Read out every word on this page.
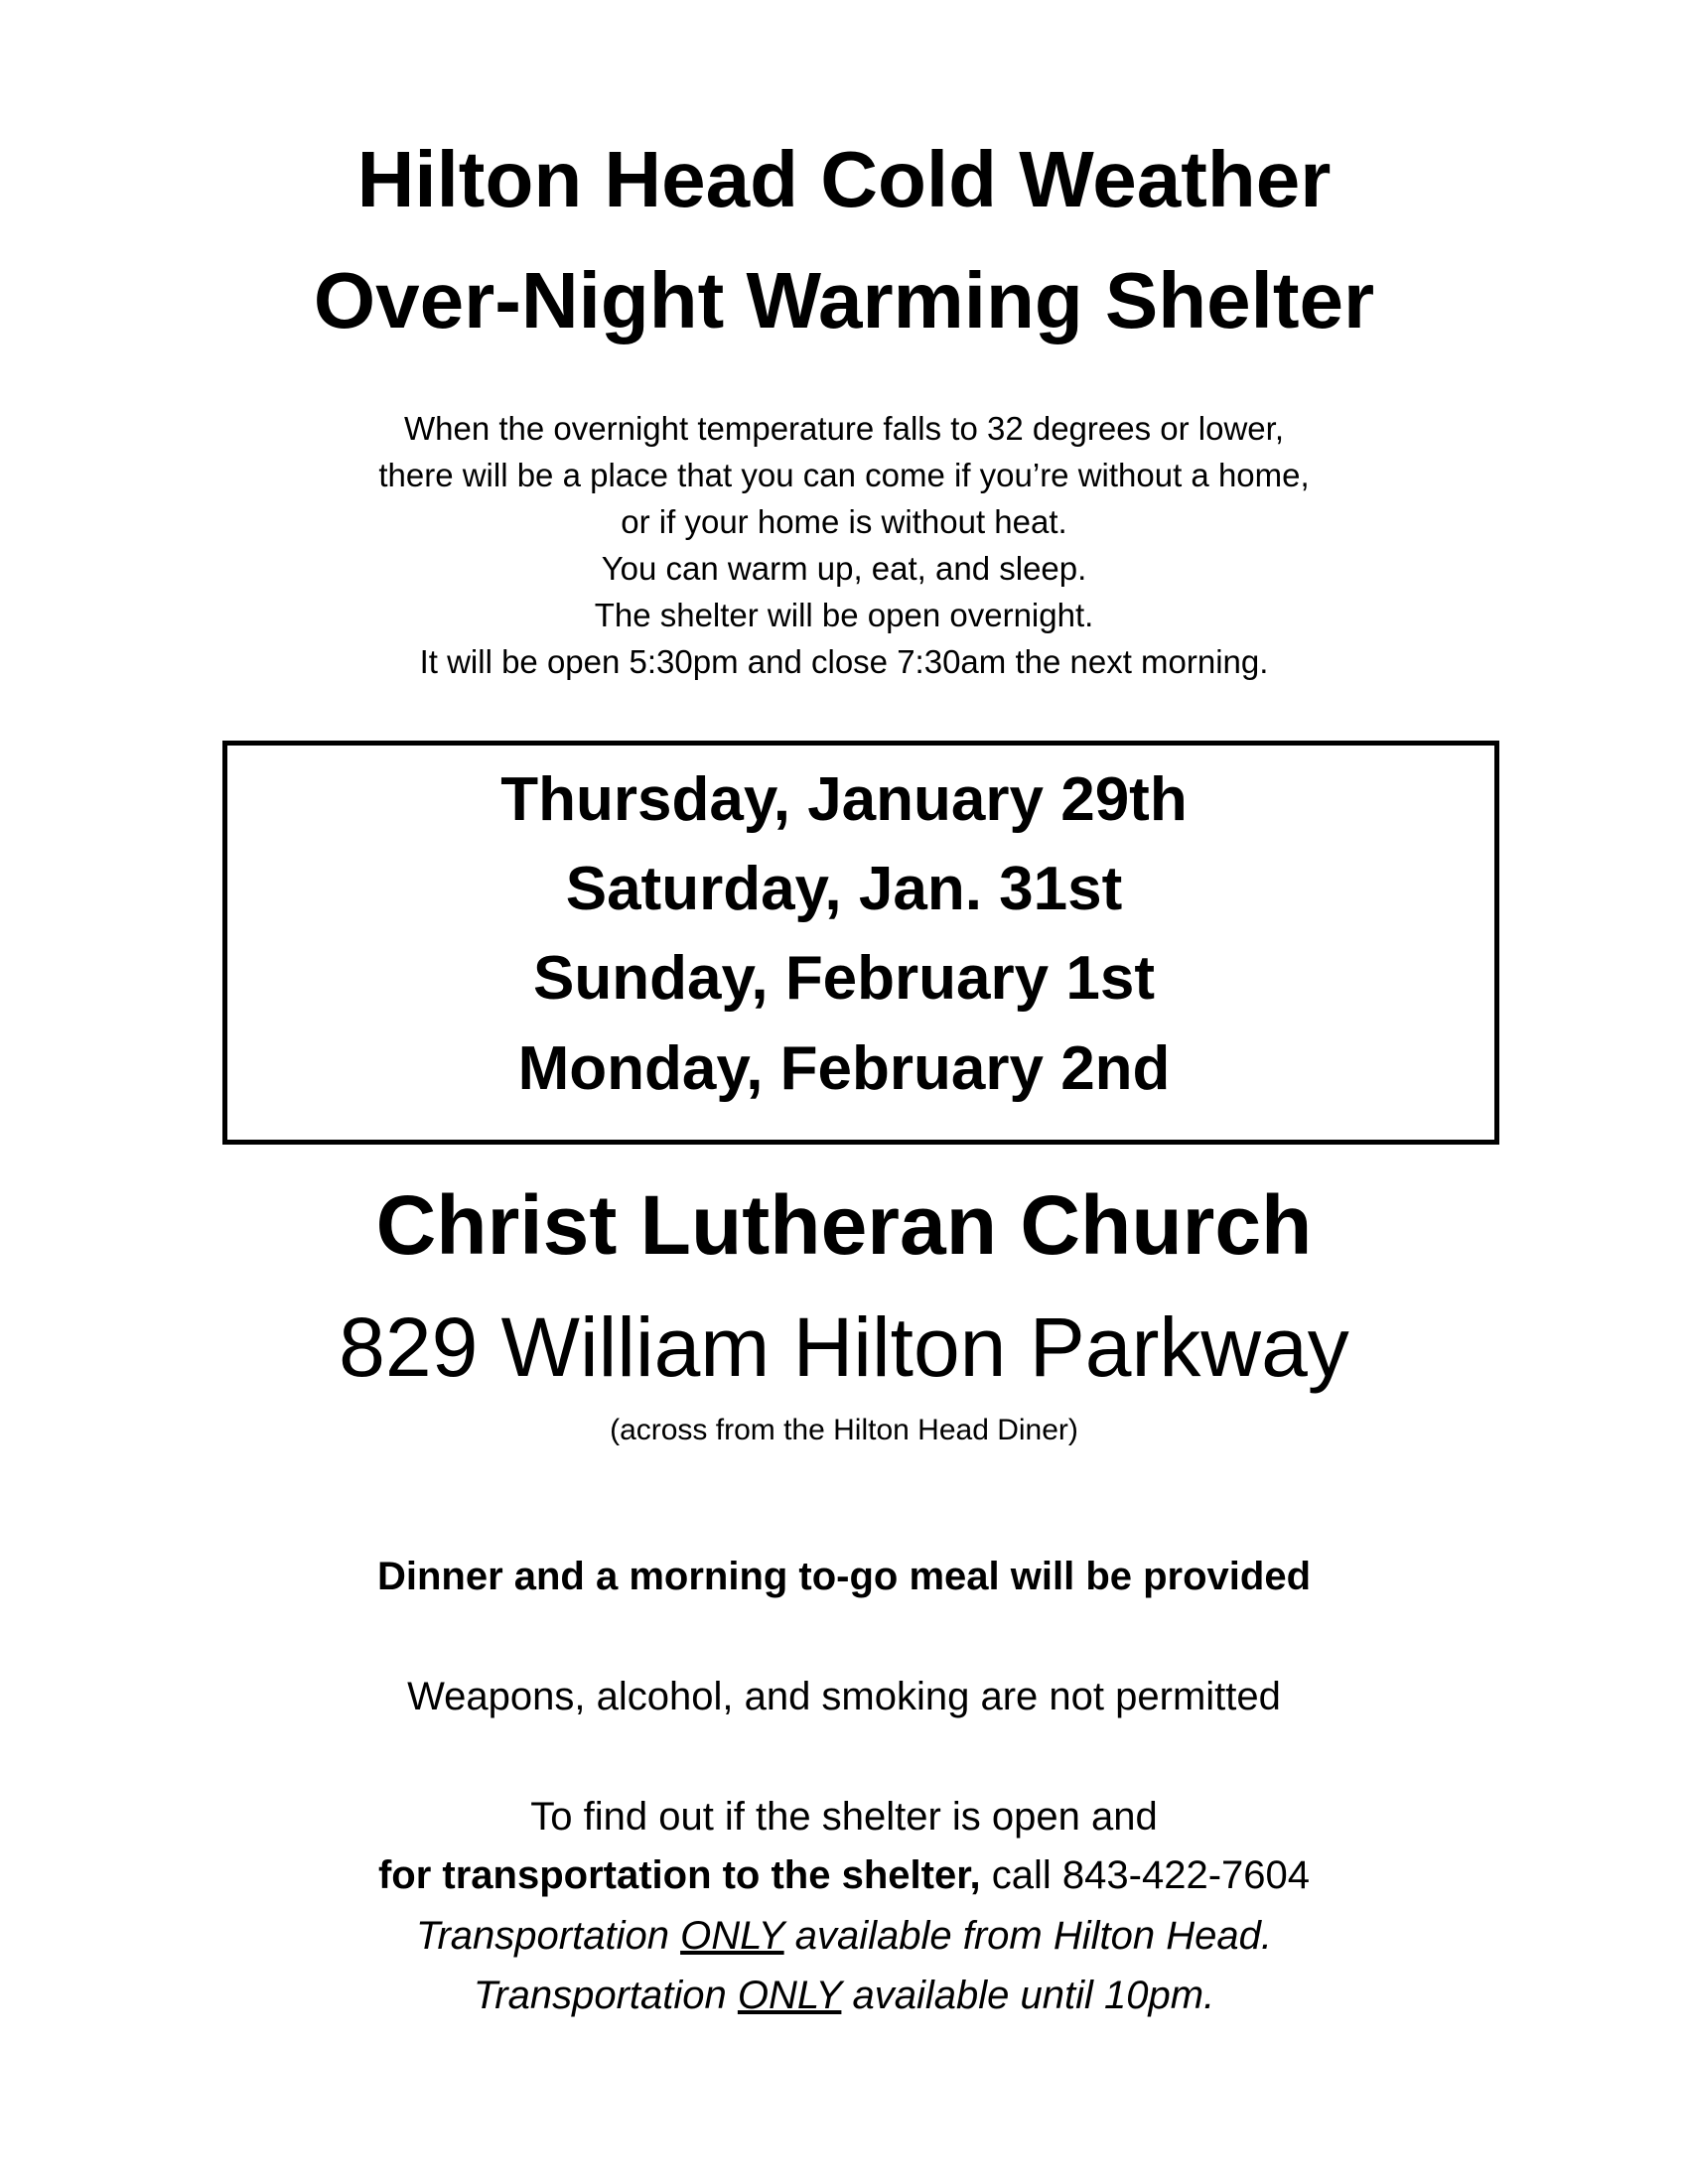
Hilton Head Cold Weather
Over-Night Warming Shelter
When the overnight temperature falls to 32 degrees or lower,
there will be a place that you can come if you’re without a home,
or if your home is without heat.
You can warm up, eat, and sleep.
The shelter will be open overnight.
It will be open 5:30pm and close 7:30am the next morning.
Thursday, January 29th
Saturday, Jan. 31st
Sunday, February 1st
Monday, February 2nd
Christ Lutheran Church
829 William Hilton Parkway
(across from the Hilton Head Diner)
Dinner and a morning to-go meal will be provided
Weapons, alcohol, and smoking are not permitted
To find out if the shelter is open and
for transportation to the shelter, call 843-422-7604
Transportation ONLY available from Hilton Head.
Transportation ONLY available until 10pm.
